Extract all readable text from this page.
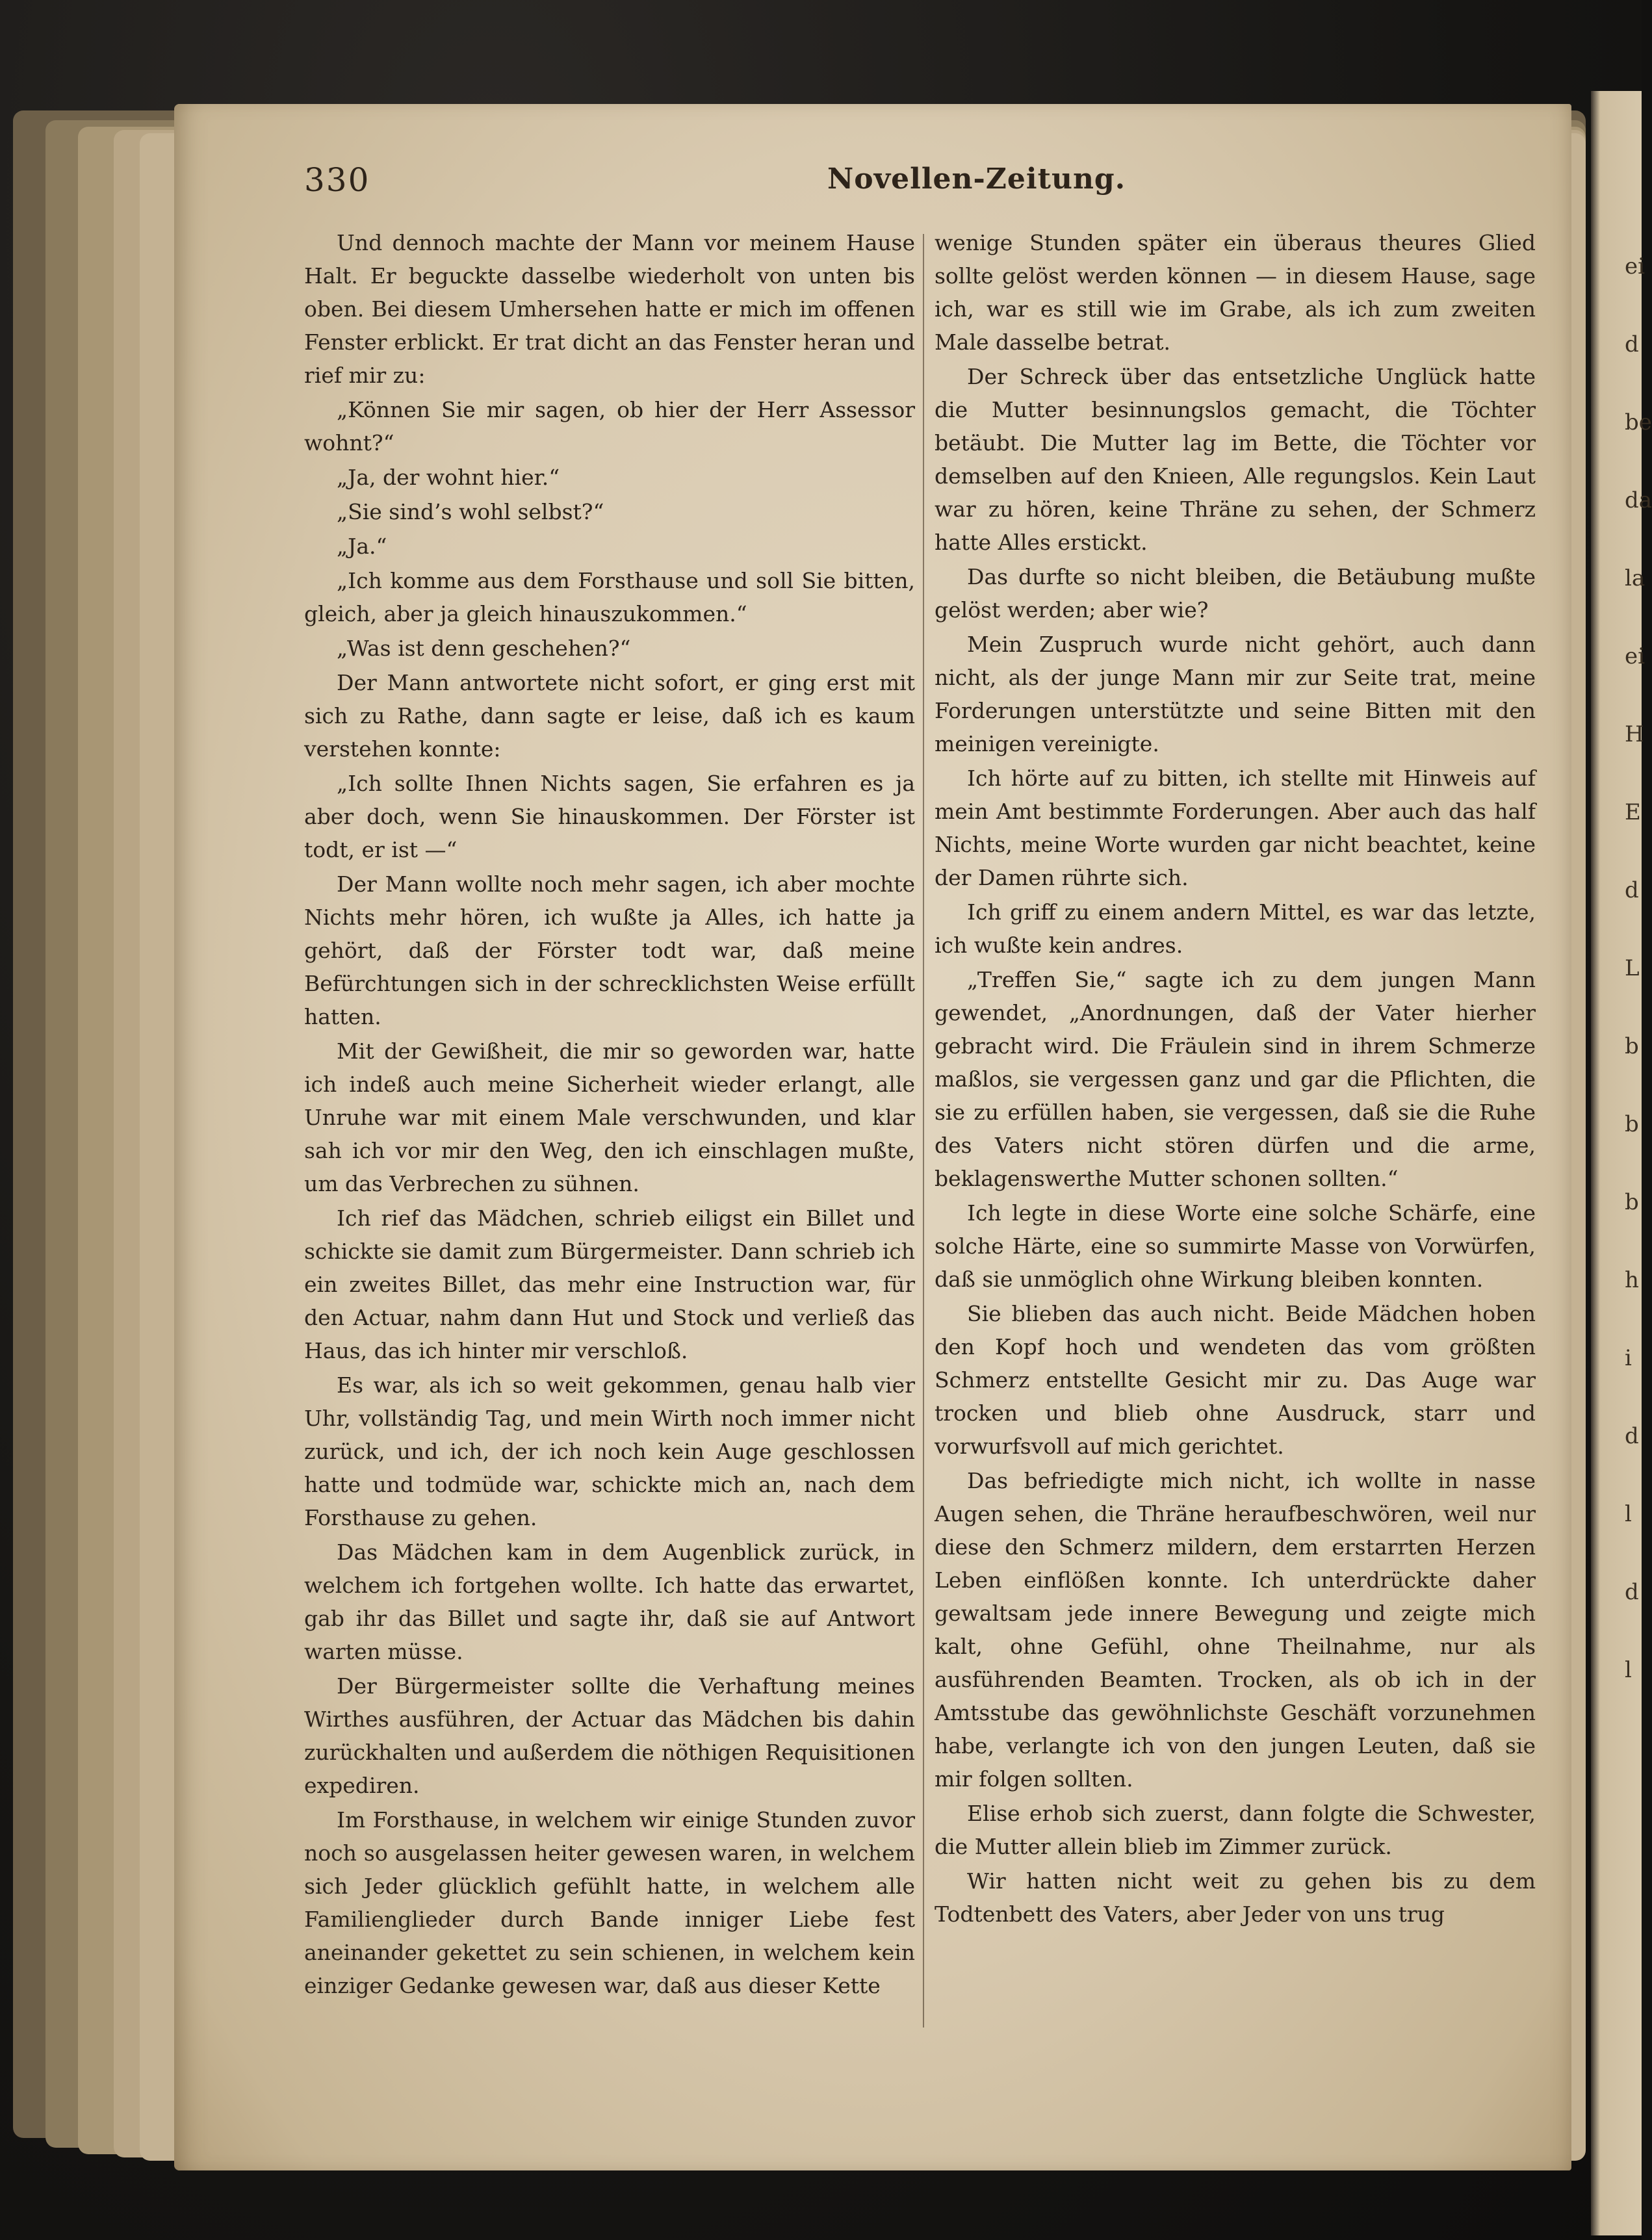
ei
d
be
da
la
ei
H
E
d
L
b
b
b
h
i
d
l
d
l
330	Novellen-Zeitung.

Und dennoch machte der Mann vor meinem Hause Halt. Er beguckte dasselbe wiederholt von unten bis oben. Bei diesem Umhersehen hatte er mich im offenen Fenster erblickt. Er trat dicht an das Fenster heran und rief mir zu:

„Können Sie mir sagen, ob hier der Herr Assessor wohnt?“

„Ja, der wohnt hier.“

„Sie sind’s wohl selbst?“

„Ja.“

„Ich komme aus dem Forsthause und soll Sie bitten, gleich, aber ja gleich hinauszukommen.“

„Was ist denn geschehen?“

Der Mann antwortete nicht sofort, er ging erst mit sich zu Rathe, dann sagte er leise, daß ich es kaum verstehen konnte:

„Ich sollte Ihnen Nichts sagen, Sie erfahren es ja aber doch, wenn Sie hinauskommen. Der Förster ist todt, er ist —“

Der Mann wollte noch mehr sagen, ich aber mochte Nichts mehr hören, ich wußte ja Alles, ich hatte ja gehört, daß der Förster todt war, daß meine Befürchtungen sich in der schrecklichsten Weise erfüllt hatten.

Mit der Gewißheit, die mir so geworden war, hatte ich indeß auch meine Sicherheit wieder erlangt, alle Unruhe war mit einem Male verschwunden, und klar sah ich vor mir den Weg, den ich einschlagen mußte, um das Verbrechen zu sühnen.

Ich rief das Mädchen, schrieb eiligst ein Billet und schickte sie damit zum Bürgermeister. Dann schrieb ich ein zweites Billet, das mehr eine Instruction war, für den Actuar, nahm dann Hut und Stock und verließ das Haus, das ich hinter mir verschloß.

Es war, als ich so weit gekommen, genau halb vier Uhr, vollständig Tag, und mein Wirth noch immer nicht zurück, und ich, der ich noch kein Auge geschlossen hatte und todmüde war, schickte mich an, nach dem Forsthause zu gehen.

Das Mädchen kam in dem Augenblick zurück, in welchem ich fortgehen wollte. Ich hatte das erwartet, gab ihr das Billet und sagte ihr, daß sie auf Antwort warten müsse.

Der Bürgermeister sollte die Verhaftung meines Wirthes ausführen, der Actuar das Mädchen bis dahin zurückhalten und außerdem die nöthigen Requisitionen expediren.

Im Forsthause, in welchem wir einige Stunden zuvor noch so ausgelassen heiter gewesen waren, in welchem sich Jeder glücklich gefühlt hatte, in welchem alle Familienglieder durch Bande inniger Liebe fest aneinander gekettet zu sein schienen, in welchem kein einziger Gedanke gewesen war, daß aus dieser Kette

wenige Stunden später ein überaus theures Glied sollte gelöst werden können — in diesem Hause, sage ich, war es still wie im Grabe, als ich zum zweiten Male dasselbe betrat.

Der Schreck über das entsetzliche Unglück hatte die Mutter besinnungslos gemacht, die Töchter betäubt. Die Mutter lag im Bette, die Töchter vor demselben auf den Knieen, Alle regungslos. Kein Laut war zu hören, keine Thräne zu sehen, der Schmerz hatte Alles erstickt.

Das durfte so nicht bleiben, die Betäubung mußte gelöst werden; aber wie?

Mein Zuspruch wurde nicht gehört, auch dann nicht, als der junge Mann mir zur Seite trat, meine Forderungen unterstützte und seine Bitten mit den meinigen vereinigte.

Ich hörte auf zu bitten, ich stellte mit Hinweis auf mein Amt bestimmte Forderungen. Aber auch das half Nichts, meine Worte wurden gar nicht beachtet, keine der Damen rührte sich.

Ich griff zu einem andern Mittel, es war das letzte, ich wußte kein andres.

„Treffen Sie,“ sagte ich zu dem jungen Mann gewendet, „Anordnungen, daß der Vater hierher gebracht wird. Die Fräulein sind in ihrem Schmerze maßlos, sie vergessen ganz und gar die Pflichten, die sie zu erfüllen haben, sie vergessen, daß sie die Ruhe des Vaters nicht stören dürfen und die arme, beklagenswerthe Mutter schonen sollten.“

Ich legte in diese Worte eine solche Schärfe, eine solche Härte, eine so summirte Masse von Vorwürfen, daß sie unmöglich ohne Wirkung bleiben konnten.

Sie blieben das auch nicht. Beide Mädchen hoben den Kopf hoch und wendeten das vom größten Schmerz entstellte Gesicht mir zu. Das Auge war trocken und blieb ohne Ausdruck, starr und vorwurfsvoll auf mich gerichtet.

Das befriedigte mich nicht, ich wollte in nasse Augen sehen, die Thräne heraufbeschwören, weil nur diese den Schmerz mildern, dem erstarrten Herzen Leben einflößen konnte. Ich unterdrückte daher gewaltsam jede innere Bewegung und zeigte mich kalt, ohne Gefühl, ohne Theilnahme, nur als ausführenden Beamten. Trocken, als ob ich in der Amtsstube das gewöhnlichste Geschäft vorzunehmen habe, verlangte ich von den jungen Leuten, daß sie mir folgen sollten.

Elise erhob sich zuerst, dann folgte die Schwester, die Mutter allein blieb im Zimmer zurück.

Wir hatten nicht weit zu gehen bis zu dem Todtenbett des Vaters, aber Jeder von uns trug
